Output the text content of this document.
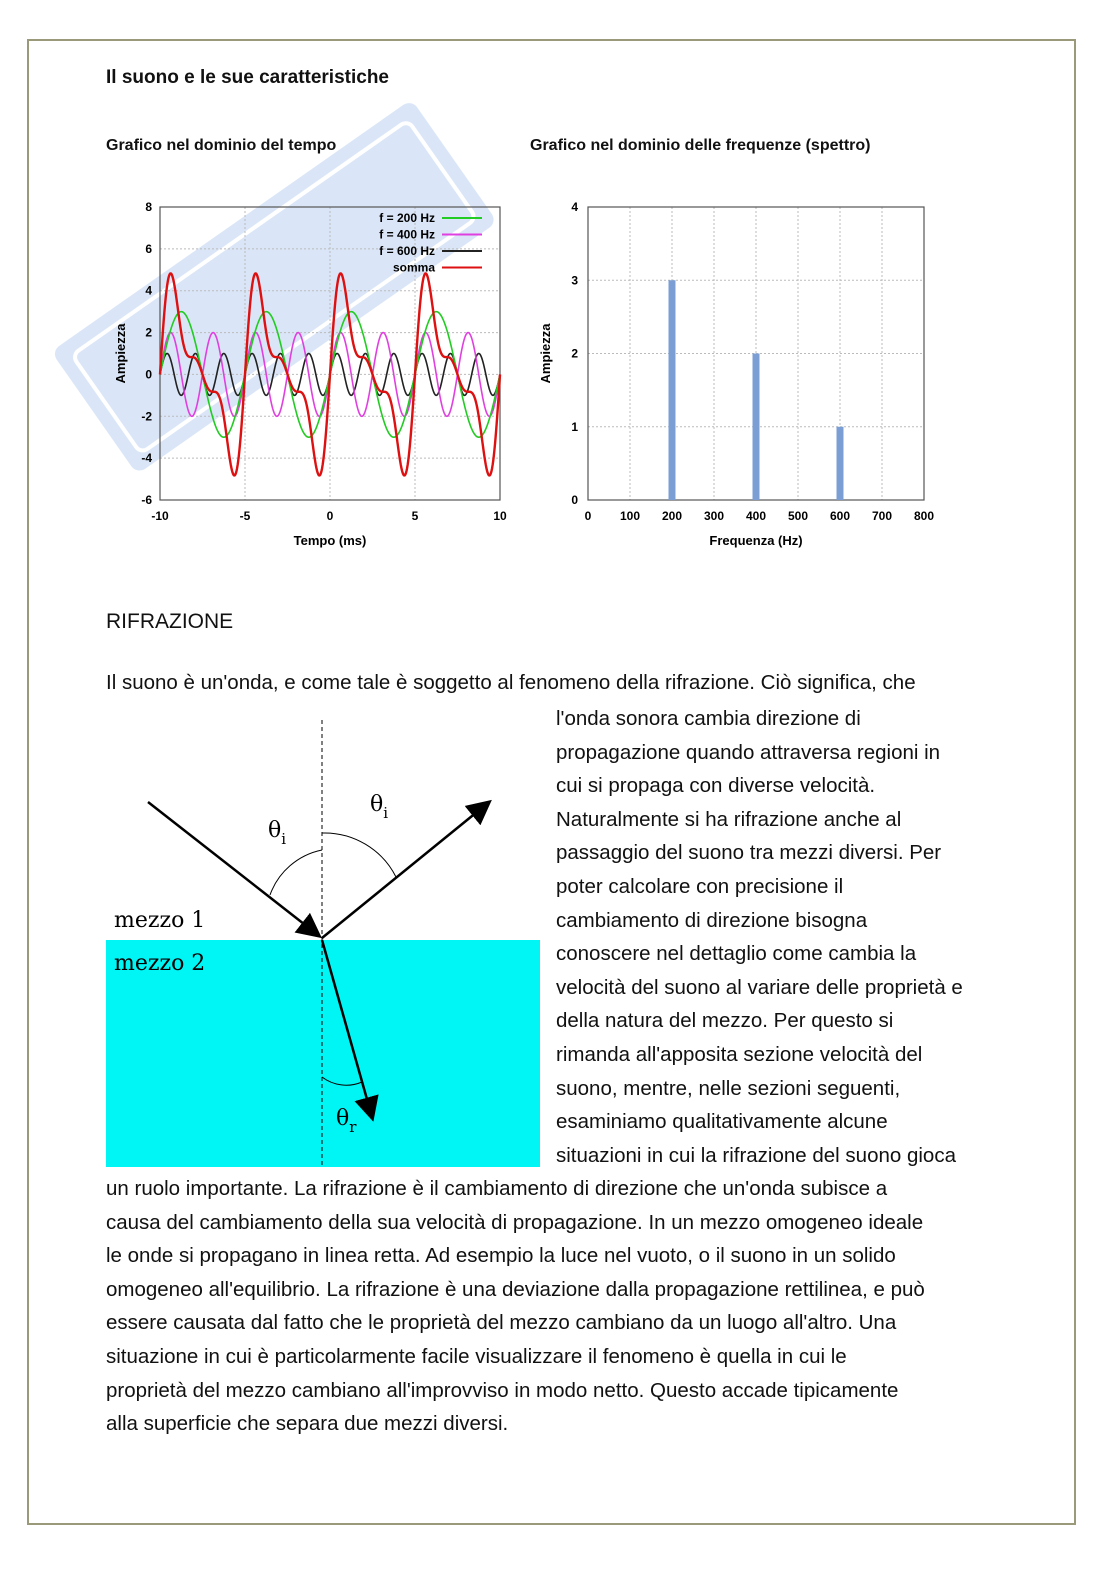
Il suono e le sue caratteristiche
Grafico nel dominio del tempo	Grafico nel dominio delle frequenze (spettro)
-10	-5	0	5	10
-6
-4
-2
0
2
4
6
8
Tempo (ms)
Ampiezza
f = 200 Hz
f = 400 Hz
f = 600 Hz
somma
0 100 200 300 400 500 600 700 800
0
1
2
3
4
Frequenza (Hz)
Ampiezza
RIFRAZIONE

Il suono è un'onda, e come tale è soggetto al fenomeno della rifrazione. Ciò significa, che

$\theta_i$
$\theta_i$
$\theta_r$
mezzo 1
mezzo 2
l'onda sonora cambia direzione di
propagazione quando attraversa regioni in
cui si propaga con diverse velocità.
Naturalmente si ha rifrazione anche al
passaggio del suono tra mezzi diversi. Per
poter calcolare con precisione il
cambiamento di direzione bisogna
conoscere nel dettaglio come cambia la
velocità del suono al variare delle proprietà e
della natura del mezzo. Per questo si
rimanda all'apposita sezione velocità del
suono, mentre, nelle sezioni seguenti,
esaminiamo qualitativamente alcune
situazioni in cui la rifrazione del suono gioca
un ruolo importante. La rifrazione è il cambiamento di direzione che un'onda subisce a
causa del cambiamento della sua velocità di propagazione. In un mezzo omogeneo ideale
le onde si propagano in linea retta. Ad esempio la luce nel vuoto, o il suono in un solido
omogeneo all'equilibrio. La rifrazione è una deviazione dalla propagazione rettilinea, e può
essere causata dal fatto che le proprietà del mezzo cambiano da un luogo all'altro. Una
situazione in cui è particolarmente facile visualizzare il fenomeno è quella in cui le
proprietà del mezzo cambiano all'improvviso in modo netto. Questo accade tipicamente
alla superficie che separa due mezzi diversi.
